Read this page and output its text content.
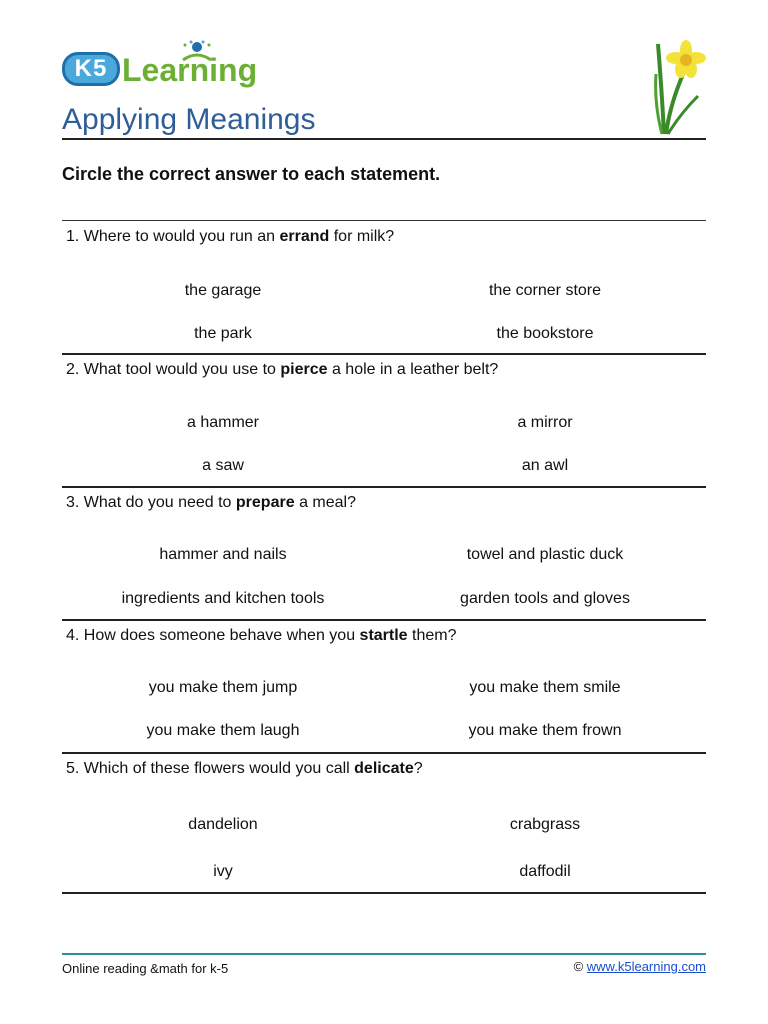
K5 Learning
Applying Meanings
Circle the correct answer to each statement.
1. Where to would you run an errand for milk?
the garage	the corner store
the park	the bookstore
2. What tool would you use to pierce a hole in a leather belt?
a hammer	a mirror
a saw	an awl
3. What do you need to prepare a meal?
hammer and nails	towel and plastic duck
ingredients and kitchen tools	garden tools and gloves
4. How does someone behave when you startle them?
you make them jump	you make them smile
you make them laugh	you make them frown
5. Which of these flowers would you call delicate?
dandelion	crabgrass
ivy	daffodil
Online reading &math for k-5	© www.k5learning.com
